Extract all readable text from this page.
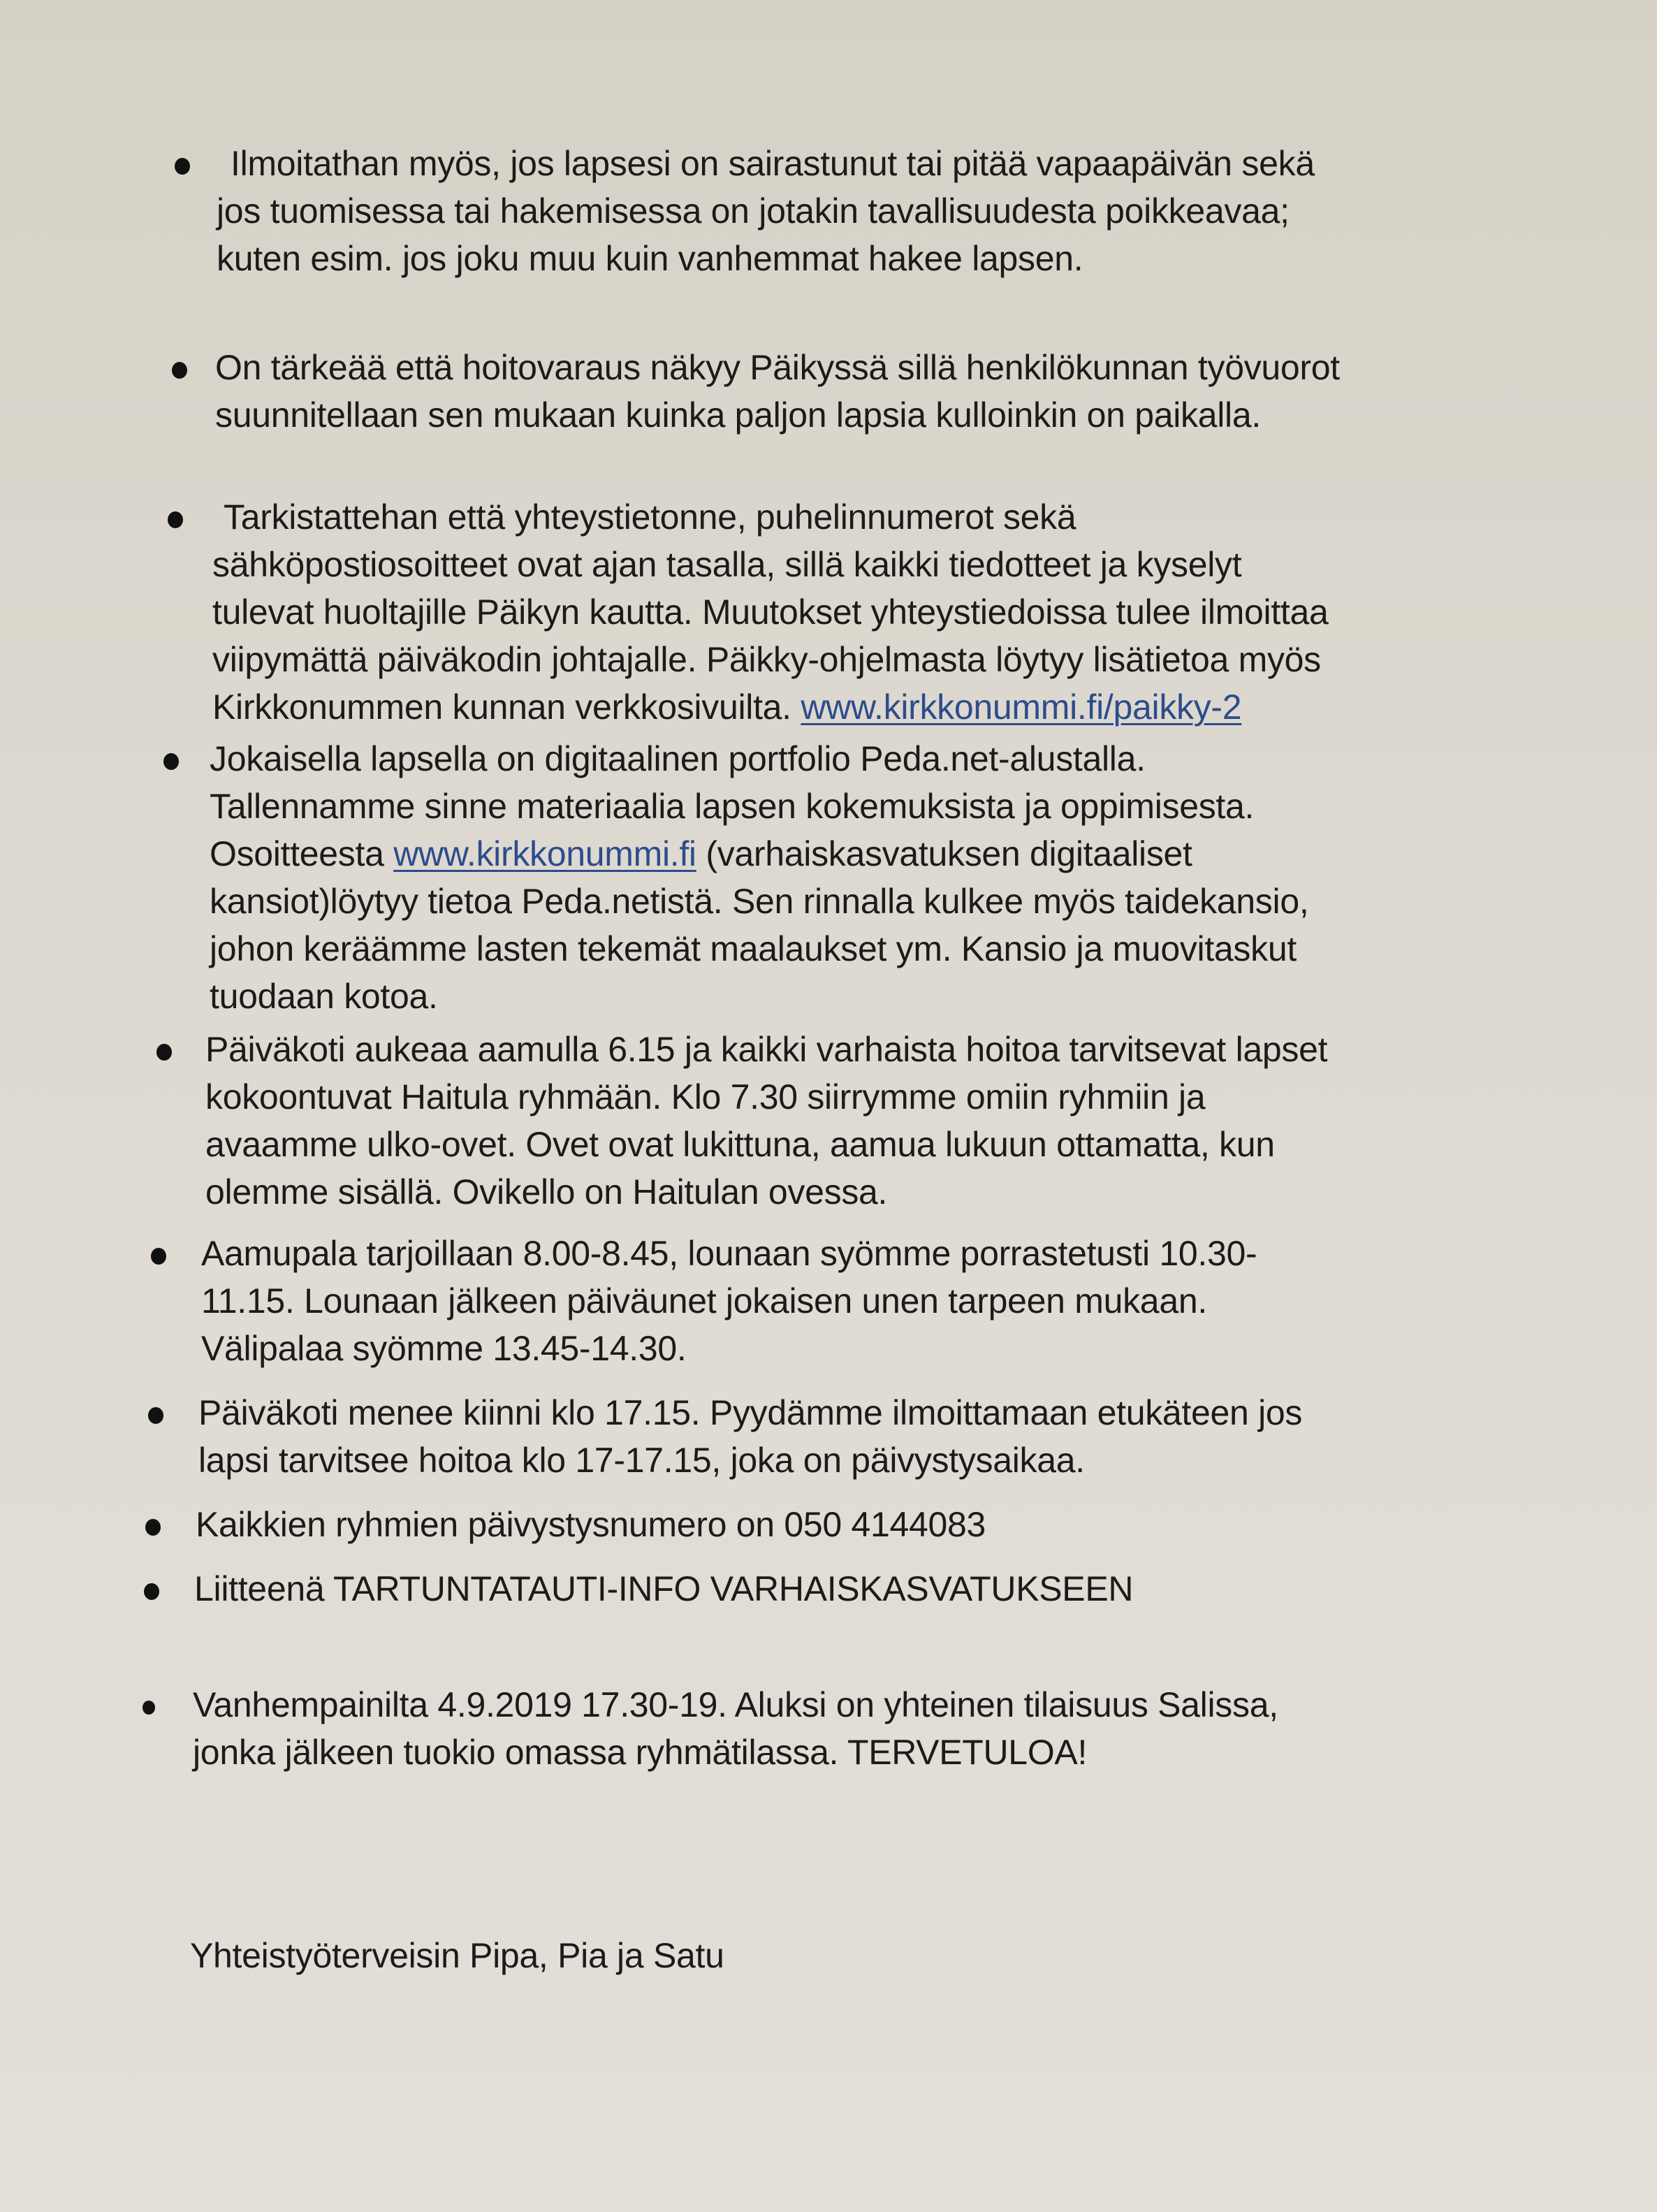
Ilmoitathan myös, jos lapsesi on sairastunut tai pitää vapaapäivän sekä
jos tuomisessa tai hakemisessa on jotakin tavallisuudesta poikkeavaa;
kuten esim. jos joku muu kuin vanhemmat hakee lapsen.
On tärkeää että hoitovaraus näkyy Päikyssä sillä henkilökunnan työvuorot
suunnitellaan sen mukaan kuinka paljon lapsia kulloinkin on paikalla.
Tarkistattehan että yhteystietonne, puhelinnumerot sekä
sähköpostiosoitteet ovat ajan tasalla, sillä kaikki tiedotteet ja kyselyt
tulevat huoltajille Päikyn kautta. Muutokset yhteystiedoissa tulee ilmoittaa
viipymättä päiväkodin johtajalle. Päikky-ohjelmasta löytyy lisätietoa myös
Kirkkonummen kunnan verkkosivuilta. www.kirkkonummi.fi/paikky-2
Jokaisella lapsella on digitaalinen portfolio Peda.net-alustalla.
Tallennamme sinne materiaalia lapsen kokemuksista ja oppimisesta.
Osoitteesta www.kirkkonummi.fi (varhaiskasvatuksen digitaaliset
kansiot)löytyy tietoa Peda.netistä. Sen rinnalla kulkee myös taidekansio,
johon keräämme lasten tekemät maalaukset ym. Kansio ja muovitaskut
tuodaan kotoa.
Päiväkoti aukeaa aamulla 6.15 ja kaikki varhaista hoitoa tarvitsevat lapset
kokoontuvat Haitula ryhmään. Klo 7.30 siirrymme omiin ryhmiin ja
avaamme ulko-ovet. Ovet ovat lukittuna, aamua lukuun ottamatta, kun
olemme sisällä. Ovikello on Haitulan ovessa.
Aamupala tarjoillaan 8.00-8.45, lounaan syömme porrastetusti 10.30-
11.15. Lounaan jälkeen päiväunet jokaisen unen tarpeen mukaan.
Välipalaa syömme 13.45-14.30.
Päiväkoti menee kiinni klo 17.15. Pyydämme ilmoittamaan etukäteen jos
lapsi tarvitsee hoitoa klo 17-17.15, joka on päivystysaikaa.
Kaikkien ryhmien päivystysnumero on 050 4144083
Liitteenä TARTUNTATAUTI-INFO VARHAISKASVATUKSEEN
Vanhempainilta 4.9.2019 17.30-19. Aluksi on yhteinen tilaisuus Salissa,
jonka jälkeen tuokio omassa ryhmätilassa. TERVETULOA!
Yhteistyöterveisin Pipa, Pia ja Satu
